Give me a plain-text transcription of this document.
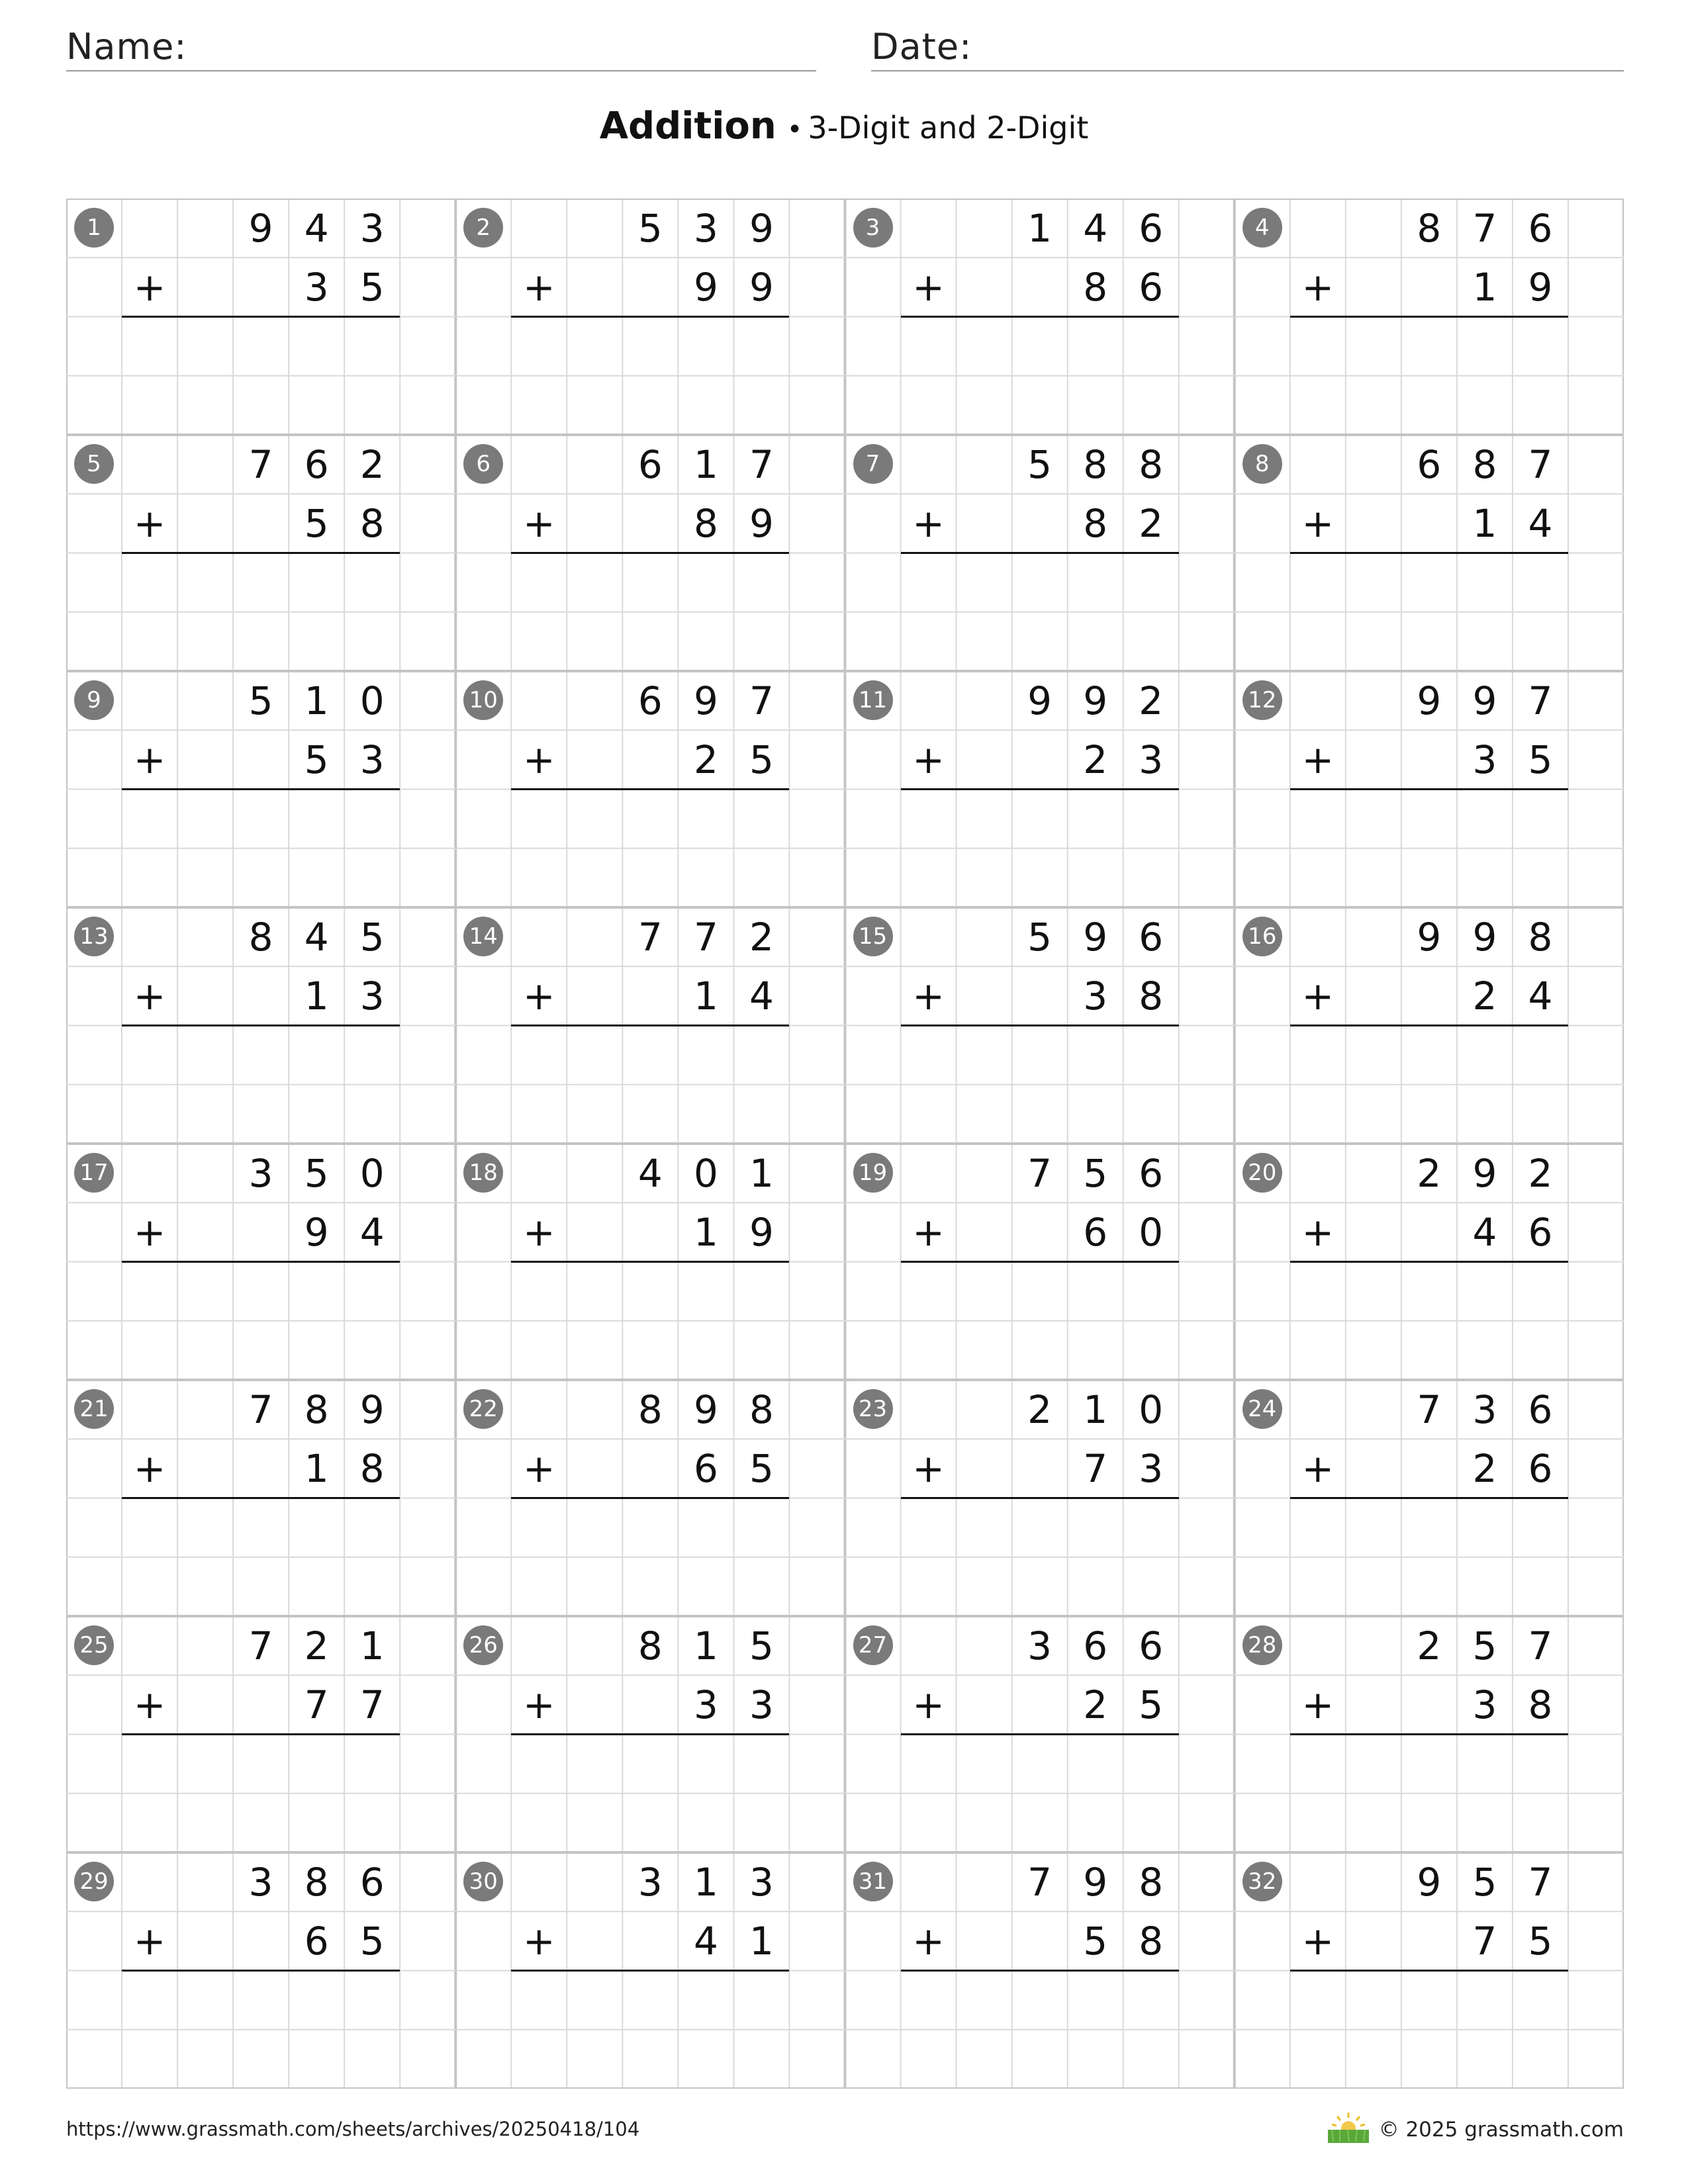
Name:	Date:
Addition • 3-Digit and 2-Digit
1	9 4 3
3 5
+
2	5 3 9
9 9
+
3	1 4 6
8 6
+
4	8 7 6
1 9
+
5	7 6 2
5 8
+
6	6 1 7
8 9
+
7	5 8 8
8 2
+
8	6 8 7
1 4
+
9	5 1 0
5 3
+
10	6 9 7
2 5
+
11	9 9 2
2 3
+
12	9 9 7
3 5
+
13	8 4 5
1 3
+
14	7 7 2
1 4
+
15	5 9 6
3 8
+
16	9 9 8
2 4
+
17	3 5 0
9 4
+
18	4 0 1
1 9
+
19	7 5 6
6 0
+
20	2 9 2
4 6
+
21	7 8 9
1 8
+
22	8 9 8
6 5
+
23	2 1 0
7 3
+
24	7 3 6
2 6
+
25	7 2 1
7 7
+
26	8 1 5
3 3
+
27	3 6 6
2 5
+
28	2 5 7
3 8
+
29	3 8 6
6 5
+
30	3 1 3
4 1
+
31	7 9 8
5 8
+
32	9 5 7
7 5
+
https://www.grassmath.com/sheets/archives/20250418/104	© 2025 grassmath.com
